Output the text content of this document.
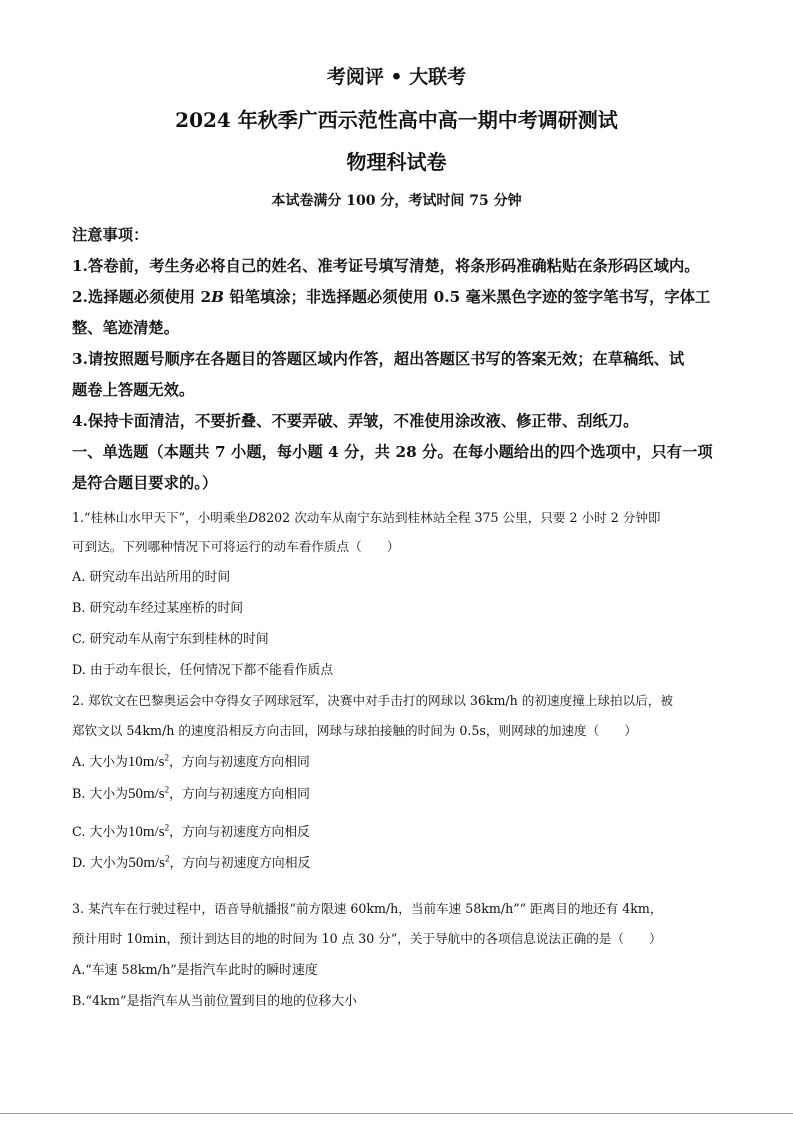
考阅评 • 大联考
2024 年秋季广西示范性高中高一期中考调研测试
物理科试卷
本试卷满分 100 分，考试时间 75 分钟
注意事项：
1.答卷前，考生务必将自己的姓名、准考证号填写清楚，将条形码准确粘贴在条形码区域内。
2.选择题必须使用 2B 铅笔填涂；非选择题必须使用 0.5 毫米黑色字迹的签字笔书写，字体工
整、笔迹清楚。
3.请按照题号顺序在各题目的答题区域内作答，超出答题区书写的答案无效；在草稿纸、试
题卷上答题无效。
4.保持卡面清洁，不要折叠、不要弄破、弄皱，不准使用涂改液、修正带、刮纸刀。
一、单选题（本题共 7 小题，每小题 4 分，共 28 分。在每小题给出的四个选项中，只有一项
是符合题目要求的。）
1.“桂林山水甲天下”，小明乘坐D8202 次动车从南宁东站到桂林站全程 375 公里，只要 2 小时 2 分钟即
可到达。下列哪种情况下可将运行的动车看作质点（　　）
A. 研究动车出站所用的时间
B. 研究动车经过某座桥的时间
C. 研究动车从南宁东到桂林的时间
D. 由于动车很长，任何情况下都不能看作质点
2. 郑钦文在巴黎奥运会中夺得女子网球冠军，决赛中对手击打的网球以 36km/h 的初速度撞上球拍以后，被
郑钦文以 54km/h 的速度沿相反方向击回，网球与球拍接触的时间为 0.5s，则网球的加速度（　　）
A. 大小为$10m/s^2$，方向与初速度方向相同
B. 大小为$50m/s^2$，方向与初速度方向相同
C. 大小为$10m/s^2$，方向与初速度方向相反
D. 大小为$50m/s^2$，方向与初速度方向相反
3. 某汽车在行驶过程中，语音导航播报“前方限速 60km/h，当前车速 58km/h”“ 距离目的地还有 4km，
预计用时 10min，预计到达目的地的时间为 10 点 30 分”，关于导航中的各项信息说法正确的是（　　）
A.“车速 58km/h”是指汽车此时的瞬时速度
B.“4km”是指汽车从当前位置到目的地的位移大小
